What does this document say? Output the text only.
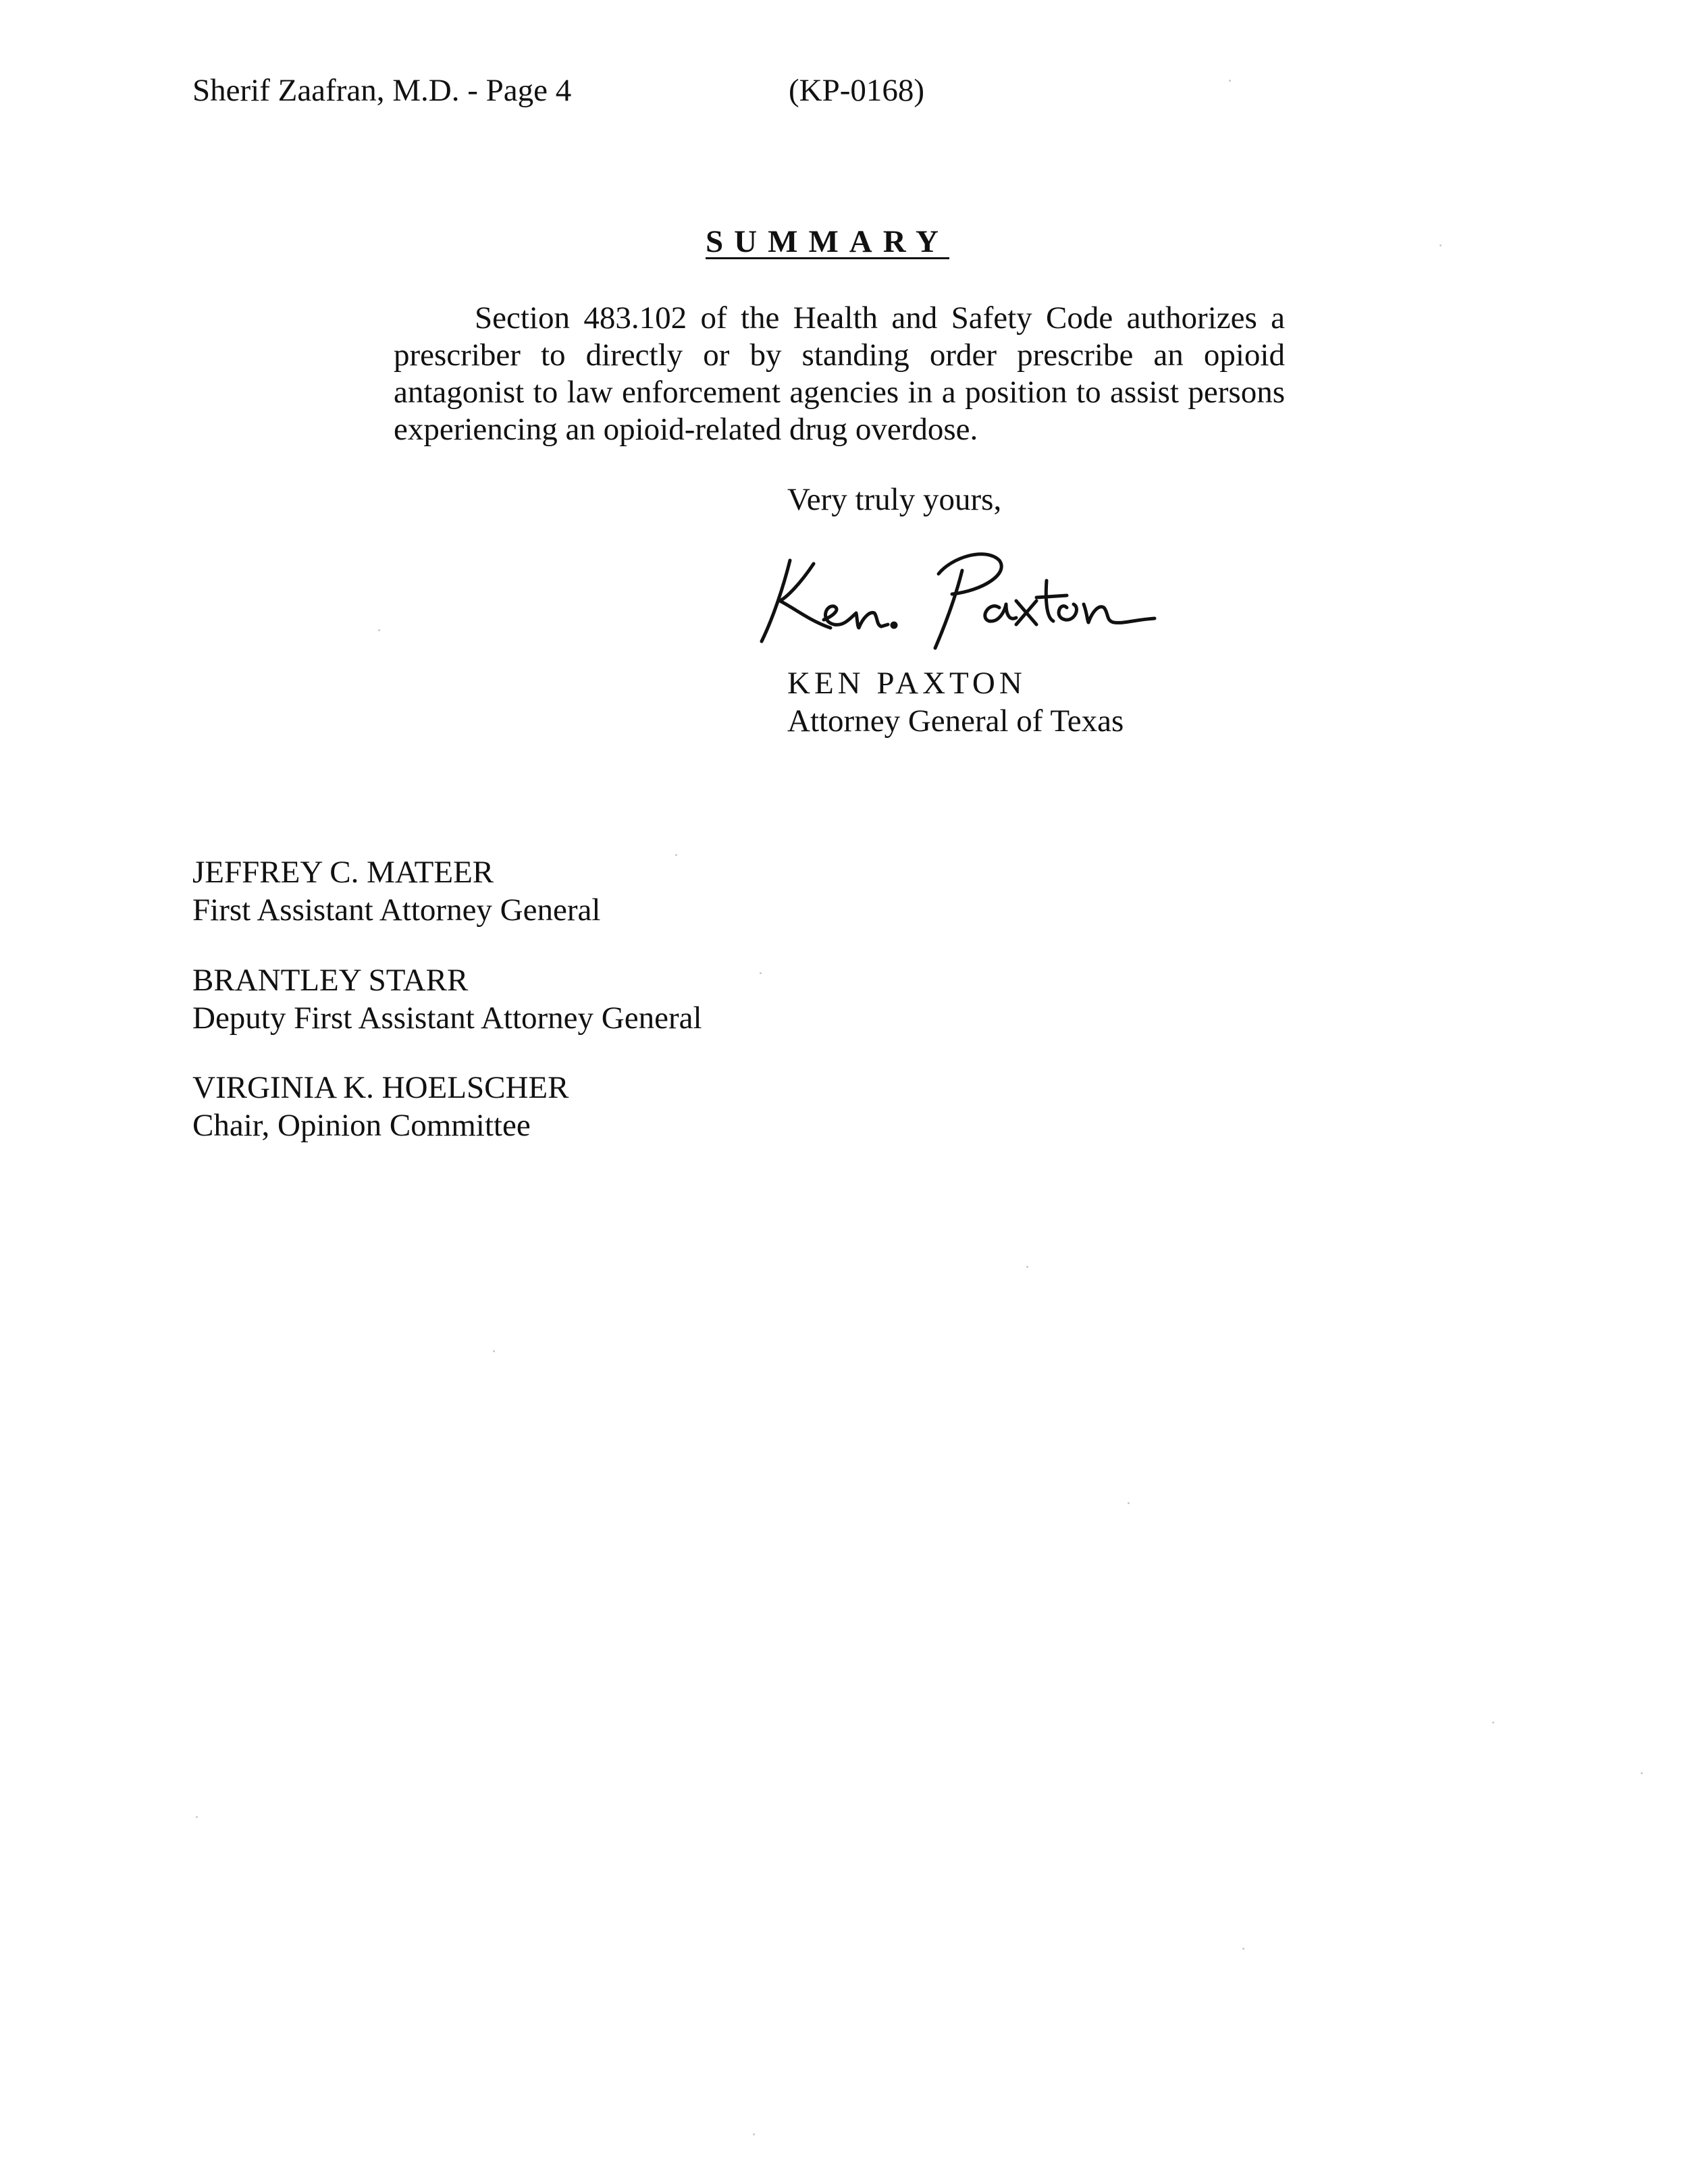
Sherif Zaafran, M.D. - Page 4	(KP-0168)
SUMMARY

Section 483.102 of the Health and Safety Code authorizes a prescriber to directly or by standing order prescribe an opioid antagonist to law enforcement agencies in a position to assist persons experiencing an opioid-related drug overdose.

Very truly yours,
KEN PAXTON
Attorney General of Texas
JEFFREY C. MATEER
First Assistant Attorney General
BRANTLEY STARR
Deputy First Assistant Attorney General
VIRGINIA K. HOELSCHER
Chair, Opinion Committee
